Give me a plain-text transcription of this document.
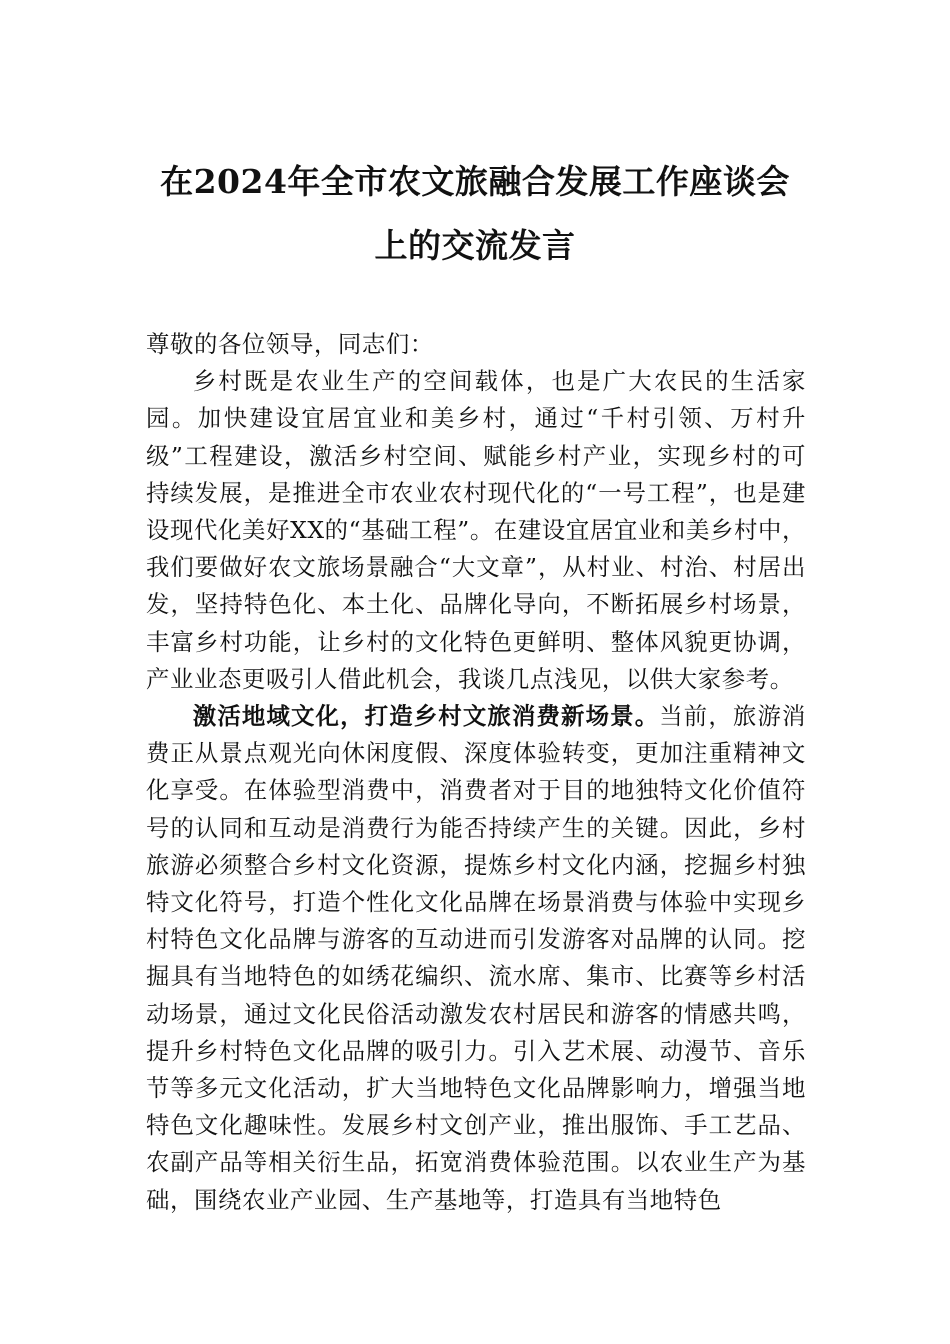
在2024年全市农文旅融合发展工作座谈会
上的交流发言

尊敬的各位领导，同志们：

乡村既是农业生产的空间载体，也是广大农民的生活家园。加快建设宜居宜业和美乡村，通过“千村引领、万村升级”工程建设，激活乡村空间、赋能乡村产业，实现乡村的可持续发展，是推进全市农业农村现代化的“一号工程”，也是建设现代化美好XX的“基础工程”。在建设宜居宜业和美乡村中，我们要做好农文旅场景融合“大文章”，从村业、村治、村居出发，坚持特色化、本土化、品牌化导向，不断拓展乡村场景，丰富乡村功能，让乡村的文化特色更鲜明、整体风貌更协调，产业业态更吸引人借此机会，我谈几点浅见，以供大家参考。

激活地域文化，打造乡村文旅消费新场景。当前，旅游消费正从景点观光向休闲度假、深度体验转变，更加注重精神文化享受。在体验型消费中，消费者对于目的地独特文化价值符号的认同和互动是消费行为能否持续产生的关键。因此，乡村旅游必须整合乡村文化资源，提炼乡村文化内涵，挖掘乡村独特文化符号，打造个性化文化品牌在场景消费与体验中实现乡村特色文化品牌与游客的互动进而引发游客对品牌的认同。挖掘具有当地特色的如绣花编织、流水席、集市、比赛等乡村活动场景，通过文化民俗活动激发农村居民和游客的情感共鸣，提升乡村特色文化品牌的吸引力。引入艺术展、动漫节、音乐节等多元文化活动，扩大当地特色文化品牌影响力，增强当地特色文化趣味性。发展乡村文创产业，推出服饰、手工艺品、农副产品等相关衍生品，拓宽消费体验范围。以农业生产为基础，围绕农业产业园、生产基地等，打造具有当地特色
